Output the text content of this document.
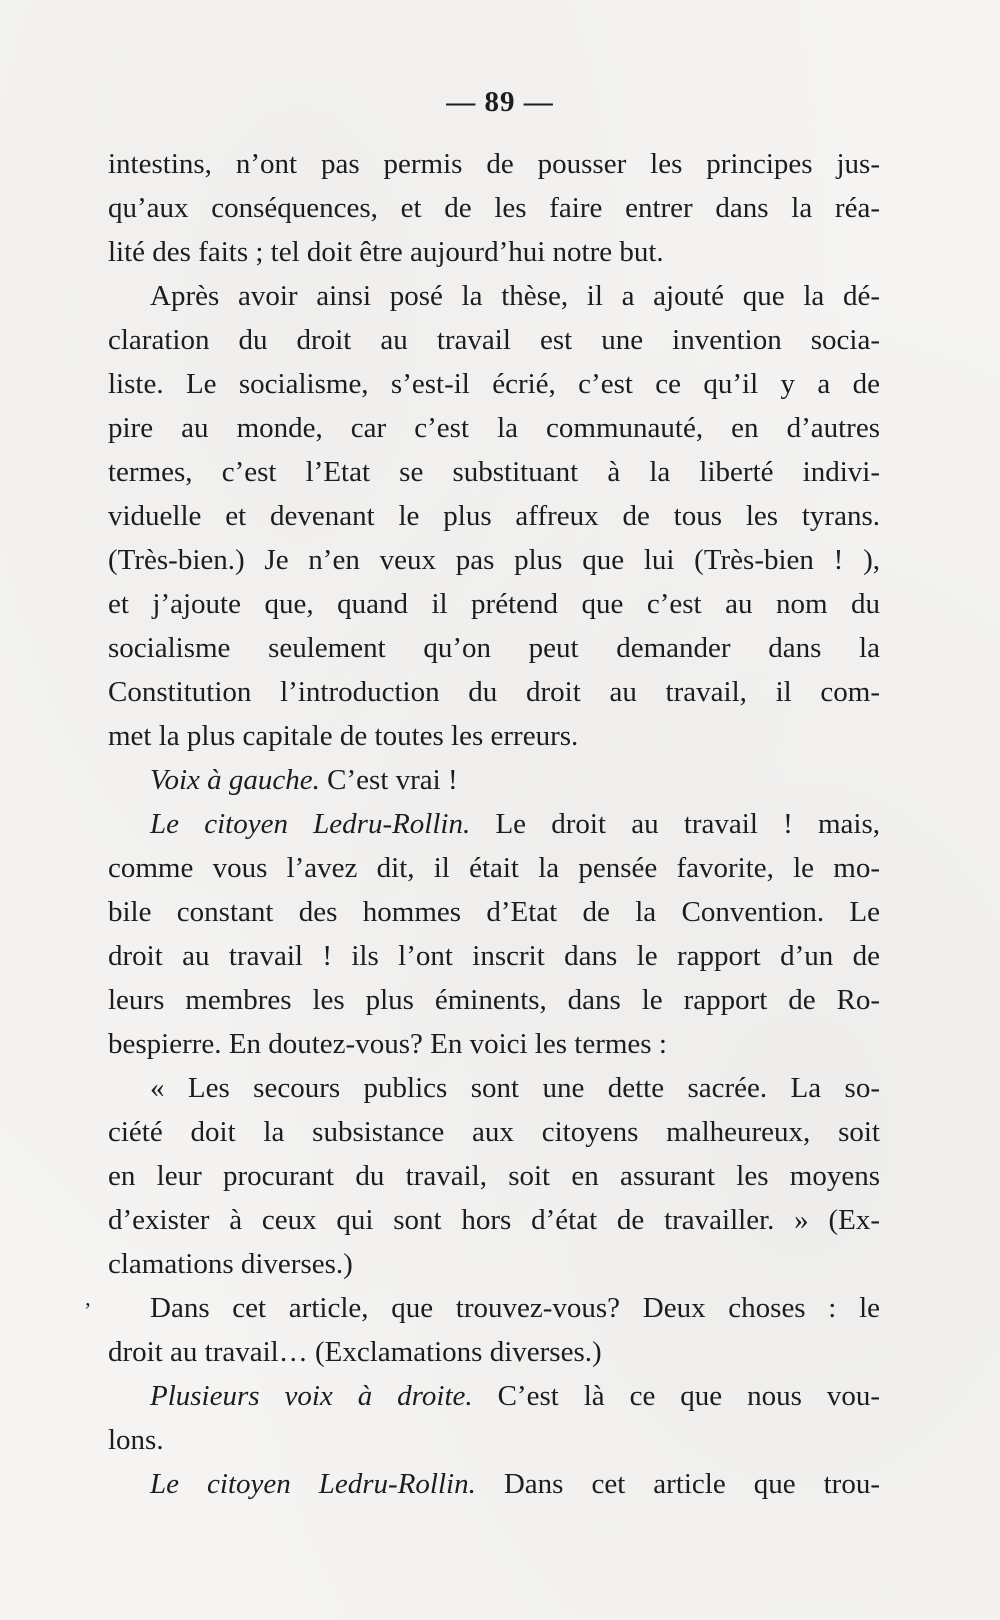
— 89 —
ʼ
intestins, n’ont pas permis de pousser les principes jus-
qu’aux conséquences, et de les faire entrer dans la réa-
lité des faits ; tel doit être aujourd’hui notre but.
Après avoir ainsi posé la thèse, il a ajouté que la dé-
claration du droit au travail est une invention socia-
liste. Le socialisme, s’est-il écrié, c’est ce qu’il y a de
pire au monde, car c’est la communauté, en d’autres
termes, c’est l’Etat se substituant à la liberté indivi-
viduelle et devenant le plus affreux de tous les tyrans.
(Très-bien.) Je n’en veux pas plus que lui (Très-bien ! ),
et j’ajoute que, quand il prétend que c’est au nom du
socialisme seulement qu’on peut demander dans la
Constitution l’introduction du droit au travail, il com-
met la plus capitale de toutes les erreurs.
Voix à gauche. C’est vrai !
Le citoyen Ledru-Rollin. Le droit au travail ! mais,
comme vous l’avez dit, il était la pensée favorite, le mo-
bile constant des hommes d’Etat de la Convention. Le
droit au travail ! ils l’ont inscrit dans le rapport d’un de
leurs membres les plus éminents, dans le rapport de Ro-
bespierre. En doutez-vous? En voici les termes :
« Les secours publics sont une dette sacrée. La so-
ciété doit la subsistance aux citoyens malheureux, soit
en leur procurant du travail, soit en assurant les moyens
d’exister à ceux qui sont hors d’état de travailler. » (Ex-
clamations diverses.)
Dans cet article, que trouvez-vous? Deux choses : le
droit au travail… (Exclamations diverses.)
Plusieurs voix à droite. C’est là ce que nous vou-
lons.
Le citoyen Ledru-Rollin. Dans cet article que trou-
